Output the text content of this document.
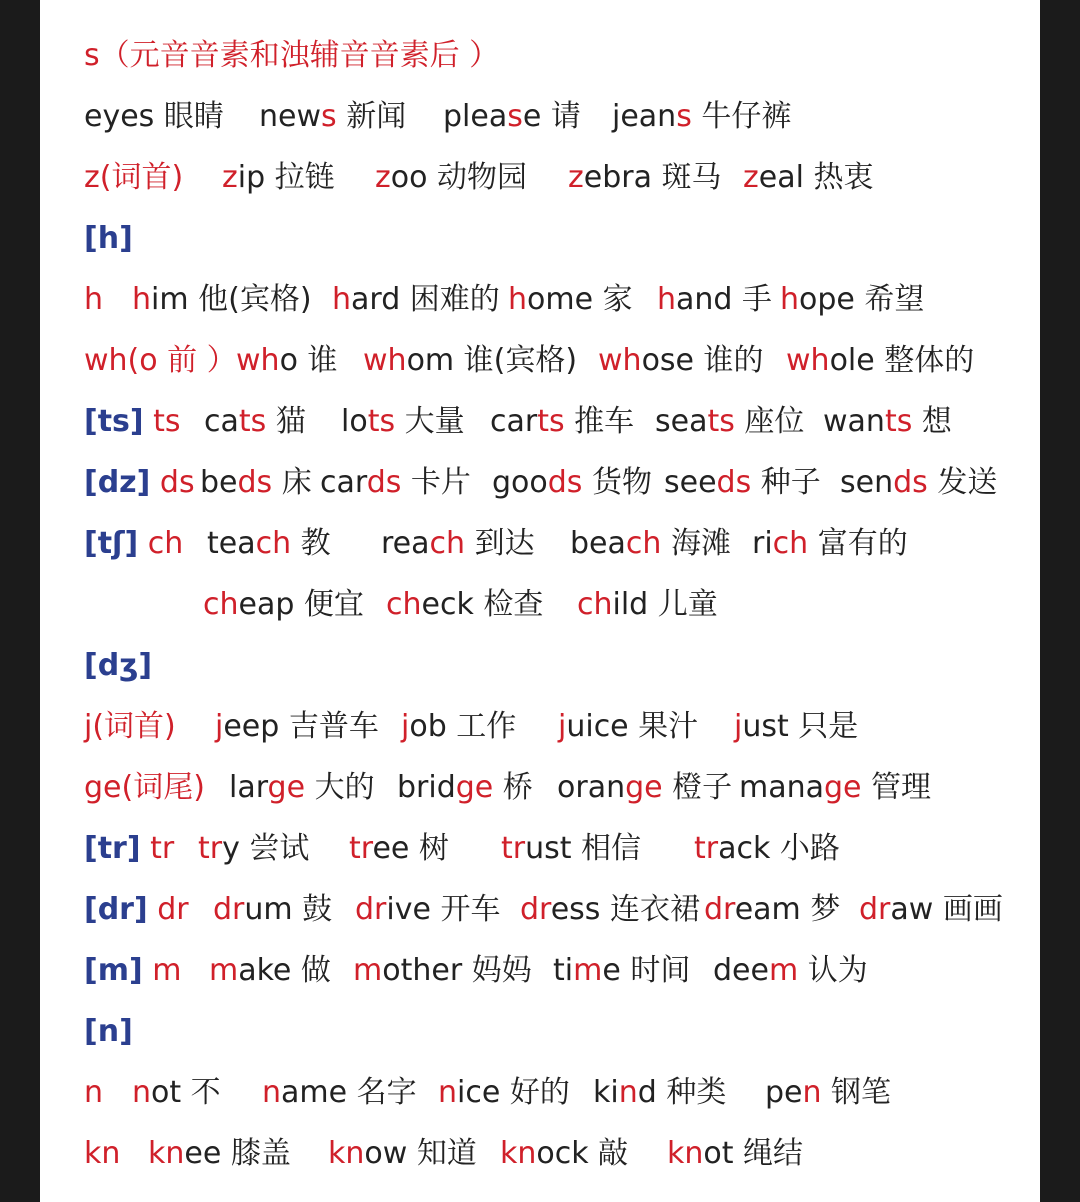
s（元音音素和浊辅音音素后 ）
eyes 眼睛 news 新闻 please 请 jeans 牛仔裤
z(词首) zip 拉链 zoo 动物园 zebra 斑马 zeal 热衷
[h]
h him 他(宾格) hard 困难的 home 家 hand 手 hope 希望
wh(o 前 ） who 谁 whom 谁(宾格) whose 谁的 whole 整体的
[ts] ts cats 猫 lots 大量 carts 推车 seats 座位 wants 想
[dz] ds beds 床 cards 卡片 goods 货物 seeds 种子 sends 发送
[tʃ] ch teach 教 reach 到达 beach 海滩 rich 富有的
cheap 便宜 check 检查 child 儿童
[dʒ]
j(词首) jeep 吉普车 job 工作 juice 果汁 just 只是
ge(词尾) large 大的 bridge 桥 orange 橙子 manage 管理
[tr] tr try 尝试 tree 树 trust 相信 track 小路
[dr] dr drum 鼓 drive 开车 dress 连衣裙 dream 梦 draw 画画
[m] m make 做 mother 妈妈 time 时间 deem 认为
[n]
n not 不 name 名字 nice 好的 kind 种类 pen 钢笔
kn knee 膝盖 know 知道 knock 敲 knot 绳结
